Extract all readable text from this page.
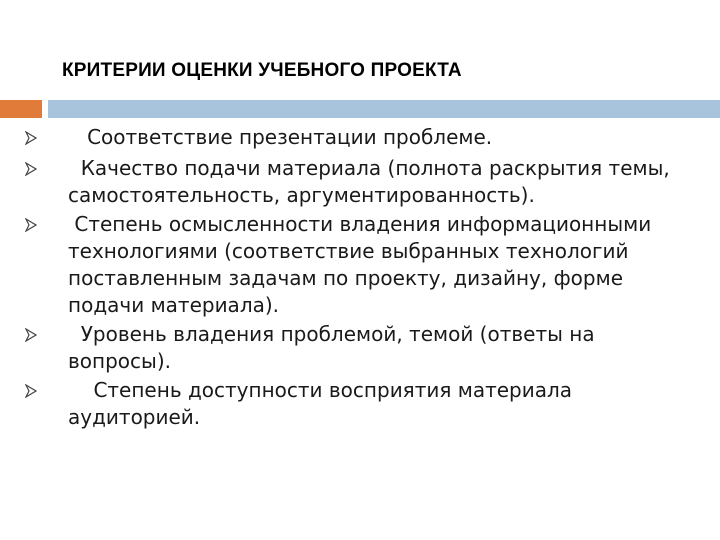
КРИТЕРИИ ОЦЕНКИ УЧЕБНОГО ПРОЕКТА
Соответствие презентации проблеме.
Качество подачи материала (полнота раскрытия темы, самостоятельность, аргументированность).
Степень осмысленности владения информационными технологиями (соответствие выбранных технологий поставленным задачам по проекту, дизайну, форме подачи материала).
Уровень владения проблемой, темой (ответы на вопросы).
Степень доступности восприятия материала аудиторией.
